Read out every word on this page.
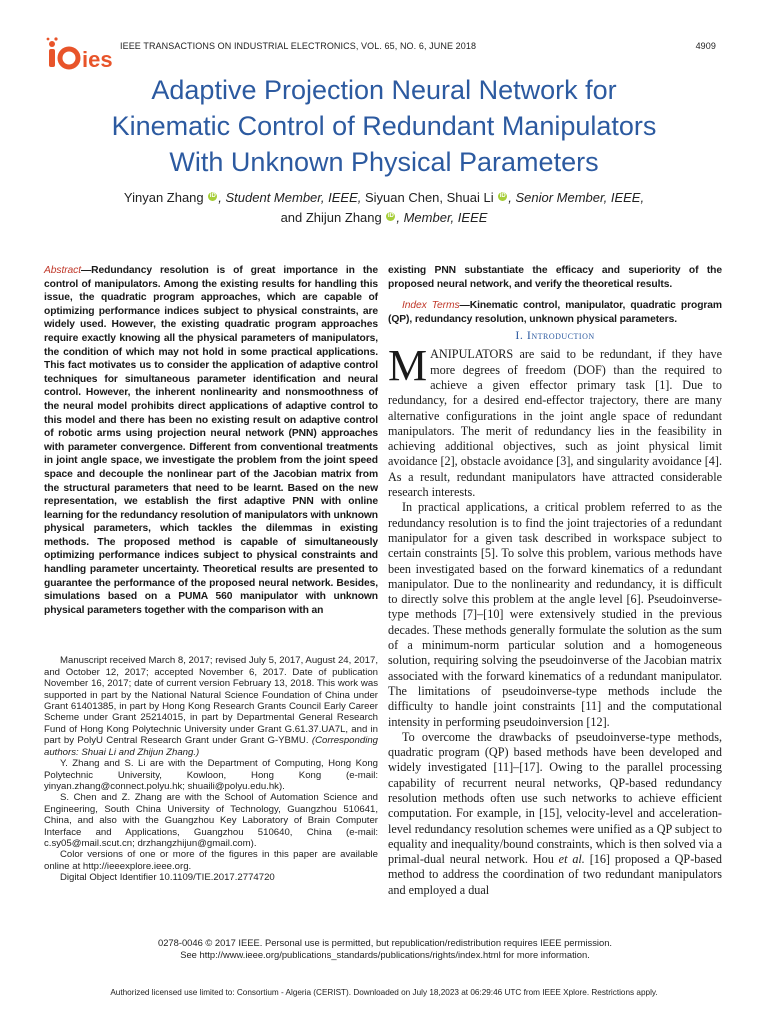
ies
IEEE TRANSACTIONS ON INDUSTRIAL ELECTRONICS, VOL. 65, NO. 6, JUNE 2018	4909
Adaptive Projection Neural Network for
Kinematic Control of Redundant Manipulators
With Unknown Physical Parameters
Yinyan Zhang iD , Student Member, IEEE, Siyuan Chen, Shuai Li iD , Senior Member, IEEE,
and Zhijun Zhang iD , Member, IEEE

Abstract—Redundancy resolution is of great importance in the control of manipulators. Among the existing results for handling this issue, the quadratic program approaches, which are capable of optimizing performance indices subject to physical constraints, are widely used. However, the existing quadratic program approaches require exactly knowing all the physical parameters of manipulators, the condition of which may not hold in some practical applications. This fact motivates us to consider the application of adaptive control techniques for simultaneous parameter identification and neural control. However, the inherent nonlinearity and nonsmoothness of the neural model prohibits direct applications of adaptive control to this model and there has been no existing result on adaptive control of robotic arms using projection neural network (PNN) approaches with parameter convergence. Different from conventional treatments in joint angle space, we investigate the problem from the joint speed space and decouple the nonlinear part of the Jacobian matrix from the structural parameters that need to be learnt. Based on the new representation, we establish the first adaptive PNN with online learning for the redundancy resolution of manipulators with unknown physical parameters, which tackles the dilemmas in existing methods. The proposed method is capable of simultaneously optimizing performance indices subject to physical constraints and handling parameter uncertainty. Theoretical results are presented to guarantee the performance of the proposed neural network. Besides, simulations based on a PUMA 560 manipulator with unknown physical parameters together with the comparison with an

Manuscript received March 8, 2017; revised July 5, 2017, August 24, 2017, and October 12, 2017; accepted November 6, 2017. Date of publication November 16, 2017; date of current version February 13, 2018. This work was supported in part by the National Natural Science Foundation of China under Grant 61401385, in part by Hong Kong Research Grants Council Early Career Scheme under Grant 25214015, in part by Departmental General Research Fund of Hong Kong Polytechnic University under Grant G.61.37.UA7L, and in part by PolyU Central Research Grant under Grant G-YBMU. (Corresponding authors: Shuai Li and Zhijun Zhang.)

Y. Zhang and S. Li are with the Department of Computing, Hong Kong Polytechnic University, Kowloon, Hong Kong (e-mail: yinyan.zhang@connect.polyu.hk; shuaili@polyu.edu.hk).

S. Chen and Z. Zhang are with the School of Automation Science and Engineering, South China University of Technology, Guangzhou 510641, China, and also with the Guangzhou Key Laboratory of Brain Computer Interface and Applications, Guangzhou 510640, China (e-mail: c.sy05@mail.scut.cn; drzhangzhijun@gmail.com).

Color versions of one or more of the figures in this paper are available online at http://ieeexplore.ieee.org.

Digital Object Identifier 10.1109/TIE.2017.2774720

existing PNN substantiate the efficacy and superiority of the proposed neural network, and verify the theoretical results.

Index Terms—Kinematic control, manipulator, quadratic program (QP), redundancy resolution, unknown physical parameters.

I. Introduction

MANIPULATORS are said to be redundant, if they have more degrees of freedom (DOF) than the required to achieve a given effector primary task [1]. Due to redundancy, for a desired end-effector trajectory, there are many alternative configurations in the joint angle space of redundant manipulators. The merit of redundancy lies in the feasibility in achieving additional objectives, such as joint physical limit avoidance [2], obstacle avoidance [3], and singularity avoidance [4]. As a result, redundant manipulators have attracted considerable research interests.

In practical applications, a critical problem referred to as the redundancy resolution is to find the joint trajectories of a redundant manipulator for a given task described in workspace subject to certain constraints [5]. To solve this problem, various methods have been investigated based on the forward kinematics of a redundant manipulator. Due to the nonlinearity and redundancy, it is difficult to directly solve this problem at the angle level [6]. Pseudoinverse-type methods [7]–[10] were extensively studied in the previous decades. These methods generally formulate the solution as the sum of a minimum-norm particular solution and a homogeneous solution, requiring solving the pseudoinverse of the Jacobian matrix associated with the forward kinematics of a redundant manipulator. The limitations of pseudoinverse-type methods include the difficulty to handle joint constraints [11] and the computational intensity in performing pseudoinversion [12].

To overcome the drawbacks of pseudoinverse-type methods, quadratic program (QP) based methods have been developed and widely investigated [11]–[17]. Owing to the parallel processing capability of recurrent neural networks, QP-based redundancy resolution methods often use such networks to achieve efficient computation. For example, in [15], velocity-level and acceleration-level redundancy resolution schemes were unified as a QP subject to equality and inequality/bound constraints, which is then solved via a primal-dual neural network. Hou et al. [16] proposed a QP-based method to address the coordination of two redundant manipulators and employed a dual

0278-0046 © 2017 IEEE. Personal use is permitted, but republication/redistribution requires IEEE permission.
See http://www.ieee.org/publications_standards/publications/rights/index.html for more information.
Authorized licensed use limited to: Consortium - Algeria (CERIST). Downloaded on July 18,2023 at 06:29:46 UTC from IEEE Xplore. Restrictions apply.
